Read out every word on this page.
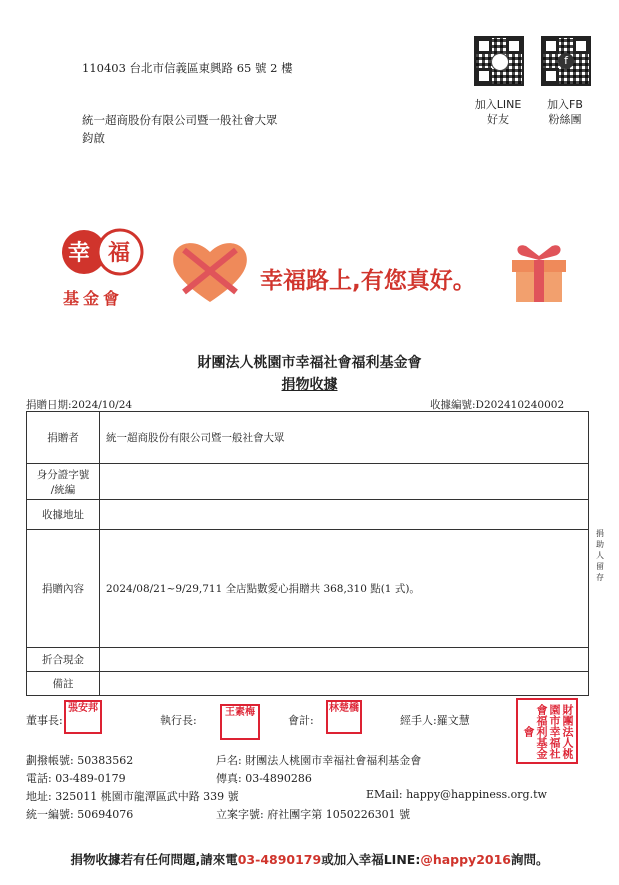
110403 台北市信義區東興路 65 號 2 樓
統一超商股份有限公司暨一般社會大眾
鈞啟
f
加入LINE
好友
加入FB
粉絲團
幸 福
基金會
幸福路上,有您真好。
財團法人桃園市幸福社會福利基金會
捐物收據
捐贈日期:2024/10/24	收據編號:D202410240002
捐贈者	統一超商股份有限公司暨一般社會大眾

身分證字號
/統編	

收據地址	
捐贈內容	2024/08/21~9/29,711 全店點數愛心捐贈共 368,310 點(1 式)。
折合現金	
備註	
捐助人留存
董事長:
張安邦
執行長:
王素梅
會計:
林楚橋
經手人:羅文慧	財團法人桃園市幸福社會福利基金會
劃撥帳號: 50383562	戶名: 財團法人桃園市幸福社會福利基金會
電話: 03-489-0179	傳真: 03-4890286
地址: 325011 桃園市龍潭區武中路 339 號	EMail: happy@happiness.org.tw
統一編號: 50694076	立案字號: 府社團字第 1050226301 號
捐物收據若有任何問題,請來電03-4890179或加入幸福LINE:@happy2016詢問。
